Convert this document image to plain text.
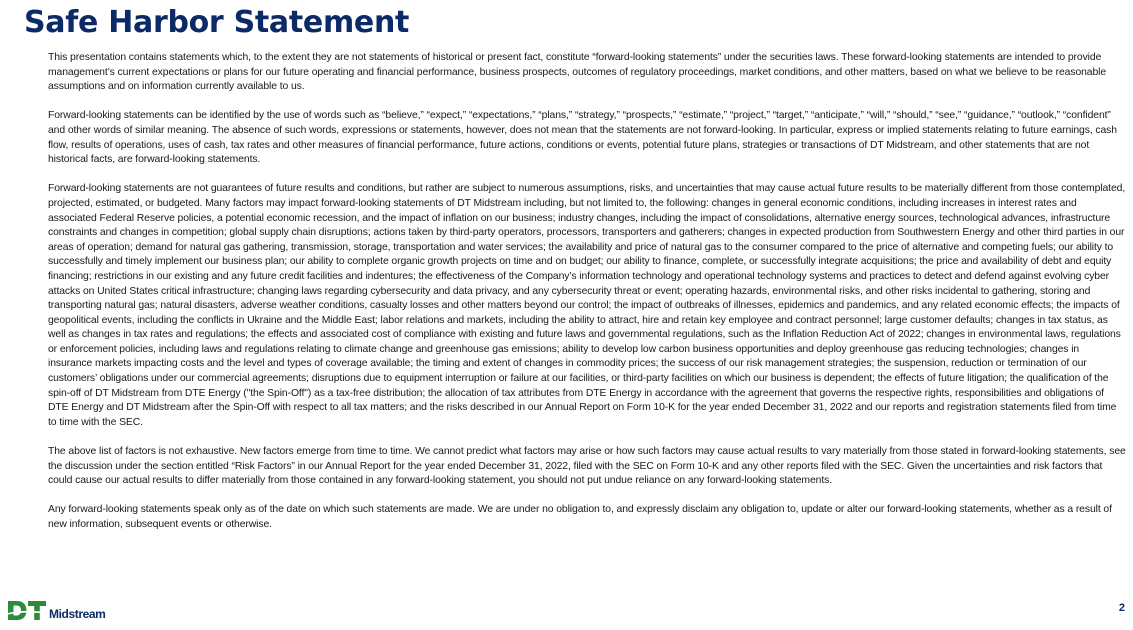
Safe Harbor Statement

This presentation contains statements which, to the extent they are not statements of historical or present fact, constitute “forward-looking statements” under the securities laws. These forward-looking statements are intended to provide management’s current expectations or plans for our future operating and financial performance, business prospects, outcomes of regulatory proceedings, market conditions, and other matters, based on what we believe to be reasonable assumptions and on information currently available to us.

Forward-looking statements can be identified by the use of words such as “believe,” “expect,” “expectations,” “plans,” “strategy,” “prospects,” “estimate,” “project,” “target,” “anticipate,” “will,” “should,” “see,” “guidance,” “outlook,” “confident” and other words of similar meaning. The absence of such words, expressions or statements, however, does not mean that the statements are not forward-looking. In particular, express or implied statements relating to future earnings, cash flow, results of operations, uses of cash, tax rates and other measures of financial performance, future actions, conditions or events, potential future plans, strategies or transactions of DT Midstream, and other statements that are not historical facts, are forward-looking statements.

Forward-looking statements are not guarantees of future results and conditions, but rather are subject to numerous assumptions, risks, and uncertainties that may cause actual future results to be materially different from those contemplated, projected, estimated, or budgeted. Many factors may impact forward-looking statements of DT Midstream including, but not limited to, the following: changes in general economic conditions, including increases in interest rates and associated Federal Reserve policies, a potential economic recession, and the impact of inflation on our business; industry changes, including the impact of consolidations, alternative energy sources, technological advances, infrastructure constraints and changes in competition; global supply chain disruptions; actions taken by third-party operators, processors, transporters and gatherers; changes in expected production from Southwestern Energy and other third parties in our areas of operation; demand for natural gas gathering, transmission, storage, transportation and water services; the availability and price of natural gas to the consumer compared to the price of alternative and competing fuels; our ability to successfully and timely implement our business plan; our ability to complete organic growth projects on time and on budget; our ability to finance, complete, or successfully integrate acquisitions; the price and availability of debt and equity financing; restrictions in our existing and any future credit facilities and indentures; the effectiveness of the Company’s information technology and operational technology systems and practices to detect and defend against evolving cyber attacks on United States critical infrastructure; changing laws regarding cybersecurity and data privacy, and any cybersecurity threat or event; operating hazards, environmental risks, and other risks incidental to gathering, storing and transporting natural gas; natural disasters, adverse weather conditions, casualty losses and other matters beyond our control; the impact of outbreaks of illnesses, epidemics and pandemics, and any related economic effects; the impacts of geopolitical events, including the conflicts in Ukraine and the Middle East; labor relations and markets, including the ability to attract, hire and retain key employee and contract personnel; large customer defaults; changes in tax status, as well as changes in tax rates and regulations; the effects and associated cost of compliance with existing and future laws and governmental regulations, such as the Inflation Reduction Act of 2022; changes in environmental laws, regulations or enforcement policies, including laws and regulations relating to climate change and greenhouse gas emissions; ability to develop low carbon business opportunities and deploy greenhouse gas reducing technologies; changes in insurance markets impacting costs and the level and types of coverage available; the timing and extent of changes in commodity prices; the success of our risk management strategies; the suspension, reduction or termination of our customers’ obligations under our commercial agreements; disruptions due to equipment interruption or failure at our facilities, or third-party facilities on which our business is dependent; the effects of future litigation; the qualification of the spin-off of DT Midstream from DTE Energy ("the Spin-Off") as a tax-free distribution; the allocation of tax attributes from DTE Energy in accordance with the agreement that governs the respective rights, responsibilities and obligations of DTE Energy and DT Midstream after the Spin-Off with respect to all tax matters; and the risks described in our Annual Report on Form 10-K for the year ended December 31, 2022 and our reports and registration statements filed from time to time with the SEC.

The above list of factors is not exhaustive. New factors emerge from time to time. We cannot predict what factors may arise or how such factors may cause actual results to vary materially from those stated in forward-looking statements, see the discussion under the section entitled “Risk Factors” in our Annual Report for the year ended December 31, 2022, filed with the SEC on Form 10-K and any other reports filed with the SEC. Given the uncertainties and risk factors that could cause our actual results to differ materially from those contained in any forward-looking statement, you should not put undue reliance on any forward-looking statements.

Any forward-looking statements speak only as of the date on which such statements are made. We are under no obligation to, and expressly disclaim any obligation to, update or alter our forward-looking statements, whether as a result of new information, subsequent events or otherwise.

Midstream	2
